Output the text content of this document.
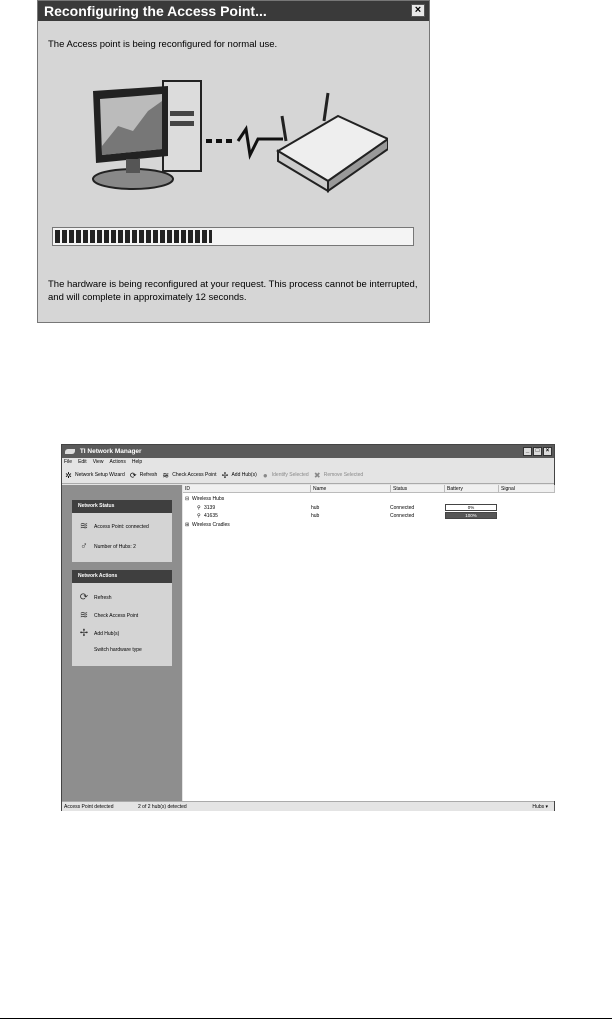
Reconfiguring the Access Point...	×
The Access point is being reconfigured for normal use.
The hardware is being reconfigured at your request. This process cannot be interrupted,
and will complete in approximately 12 seconds.
TI Network Manager	_	□	×
File Edit View Actions Help
✲ Network Setup Wizard ⟳ Refresh ≋ Check Access Point ✢ Add Hub(s) ● Identify Selected ✖ Remove Selected
Network Status
≋	Access Point: connected
♂	Number of Hubs: 2
Network Actions
⟳	Refresh
≋	Check Access Point
✢	Add Hub(s)
Switch hardware type
ID	Name	Status	Battery	Signal
⊟ Wireless Hubs
⚲ 3139	hub	Connected	0%
⚲ 41635	hub	Connected	100%
⊞ Wireless Cradles
Access Point detected	2 of 2 hub(s) detected	Hubs ▾
